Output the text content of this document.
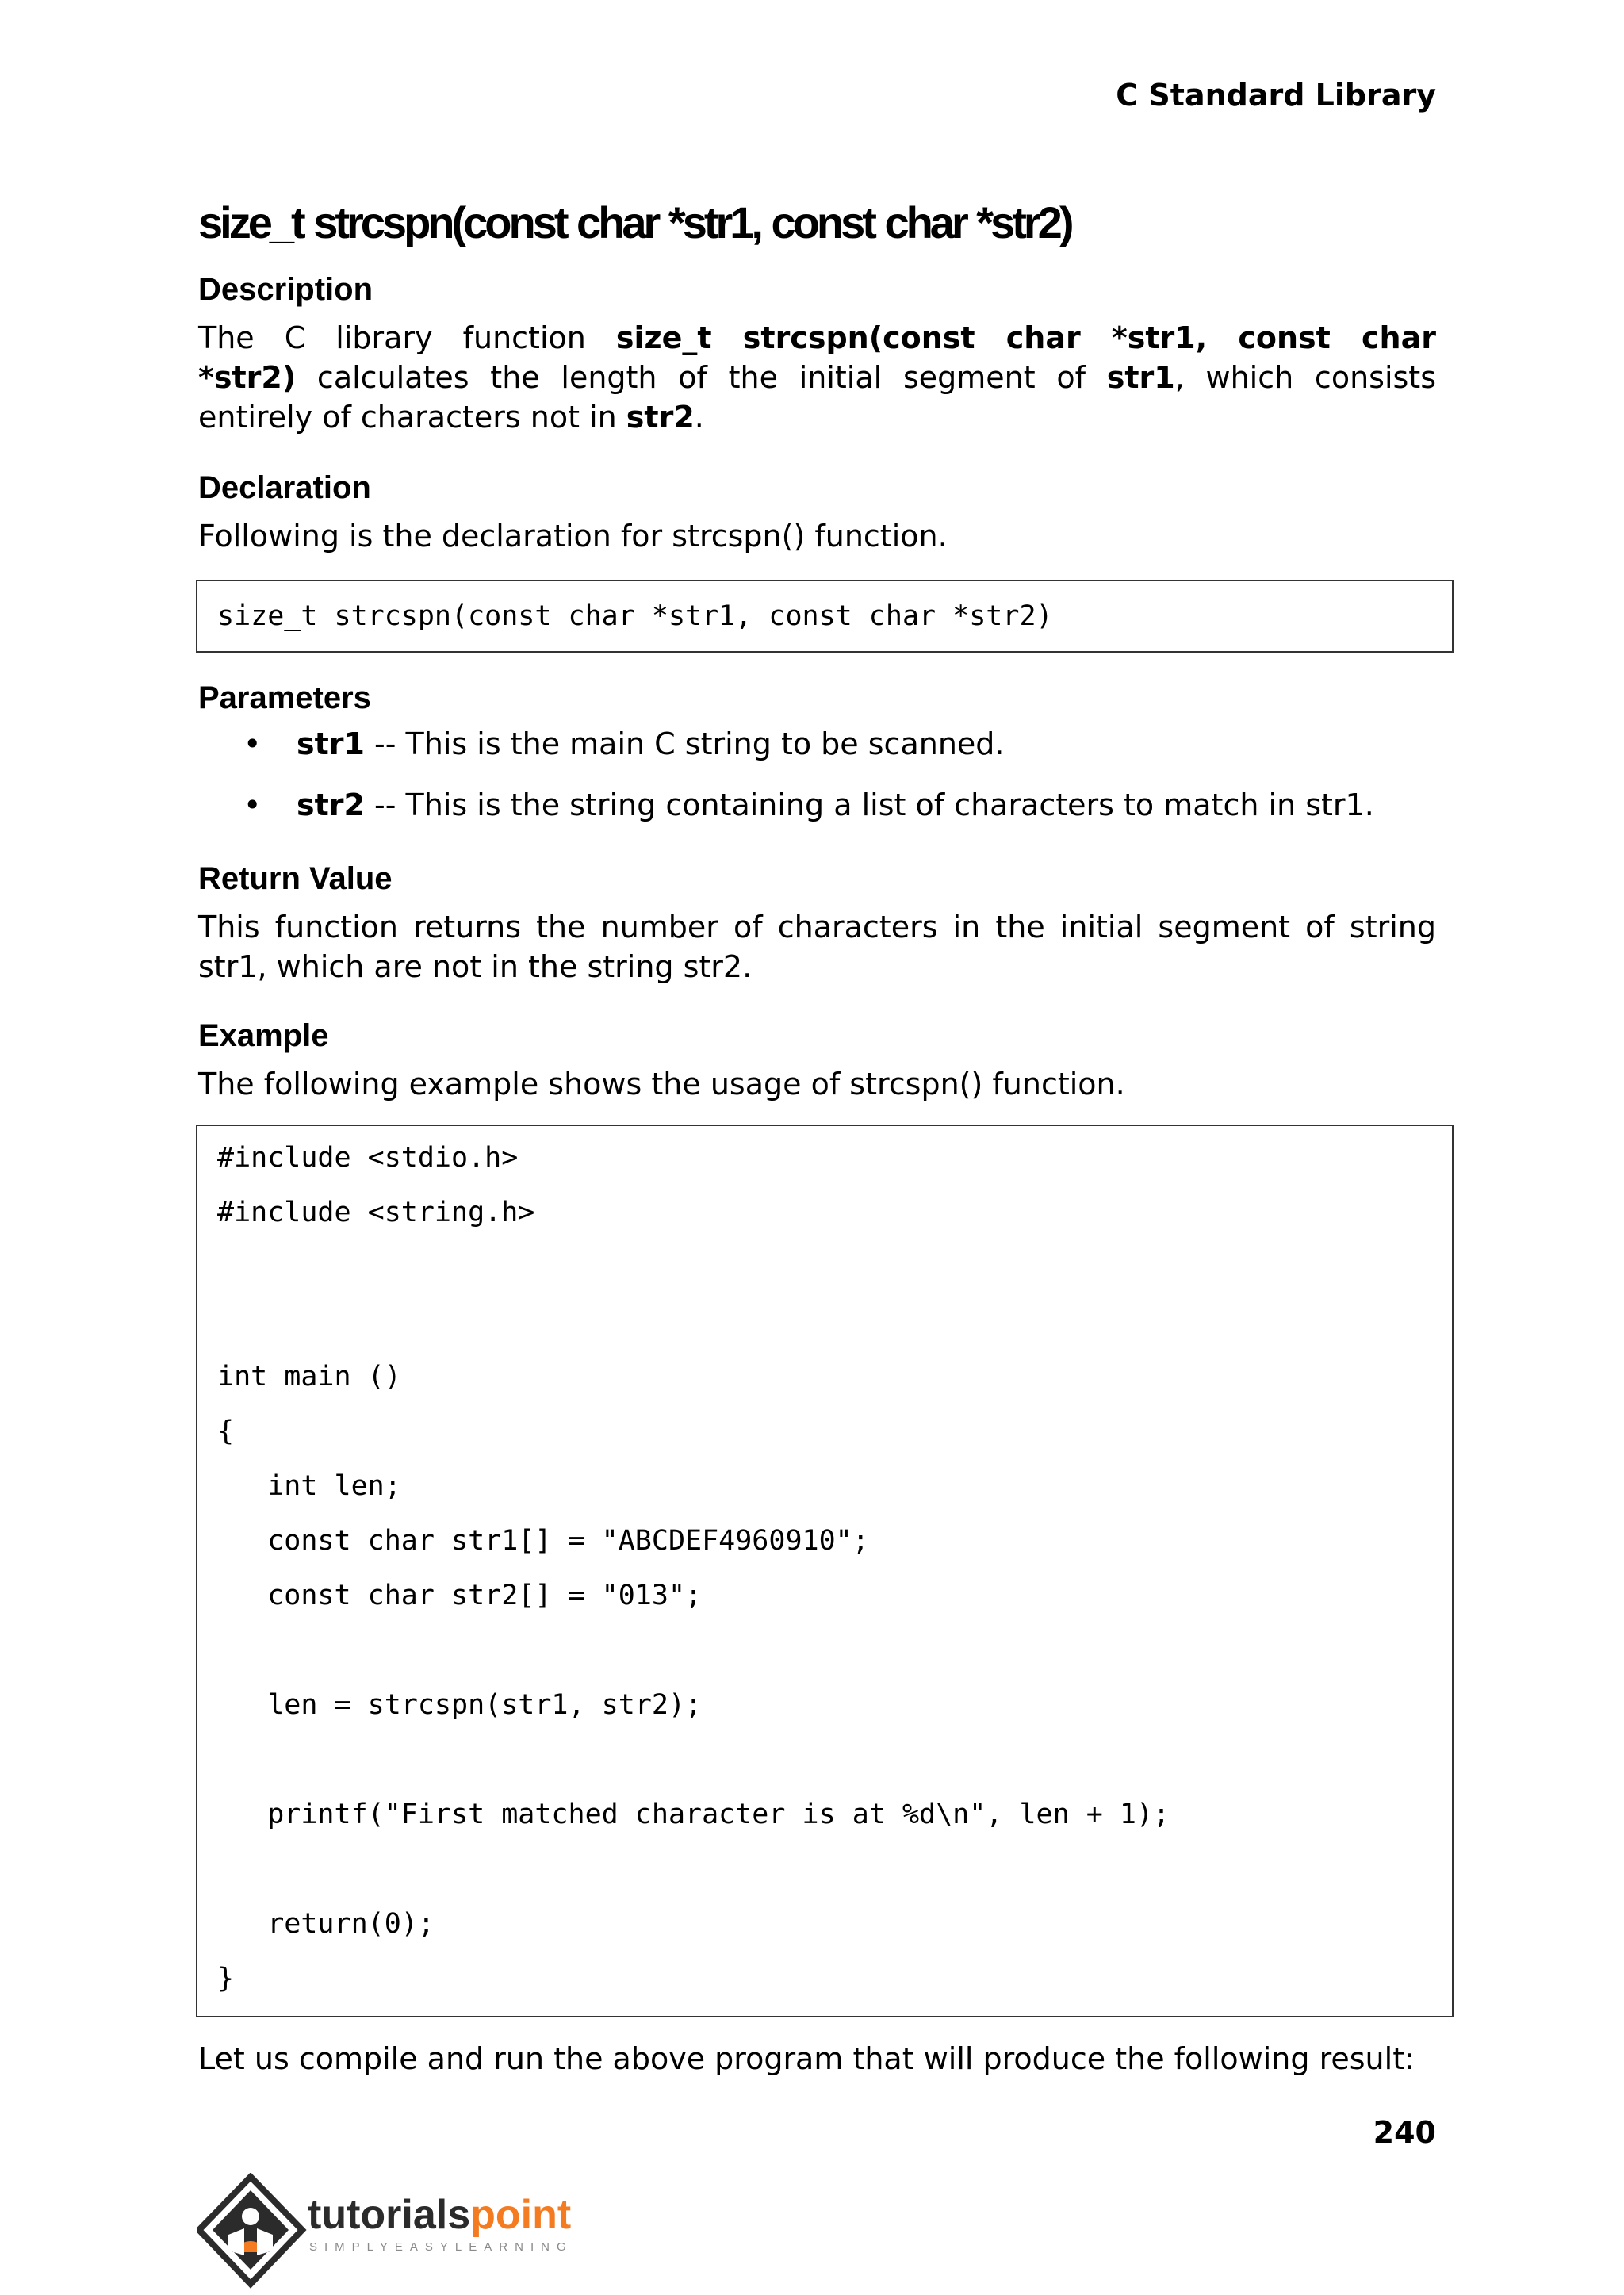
C Standard Library
size_t strcspn(const char *str1, const char *str2)
Description
The C library function size_t strcspn(const char *str1, const char
*str2) calculates the length of the initial segment of str1, which consists
entirely of characters not in str2.
Declaration
Following is the declaration for strcspn() function.
size_t strcspn(const char *str1, const char *str2)
Parameters
• str1 -- This is the main C string to be scanned.
• str2 -- This is the string containing a list of characters to match in str1.
Return Value
This function returns the number of characters in the initial segment of string
str1, which are not in the string str2.
Example
The following example shows the usage of strcspn() function.
#include <stdio.h>
#include <string.h>
int main ()
{
int len;
const char str1[] = "ABCDEF4960910";
const char str2[] = "013";
len = strcspn(str1, str2);
printf("First matched character is at %d\n", len + 1);
return(0);
}
Let us compile and run the above program that will produce the following result:
240
tutorialspoint
SIMPLYEASYLEARNING
